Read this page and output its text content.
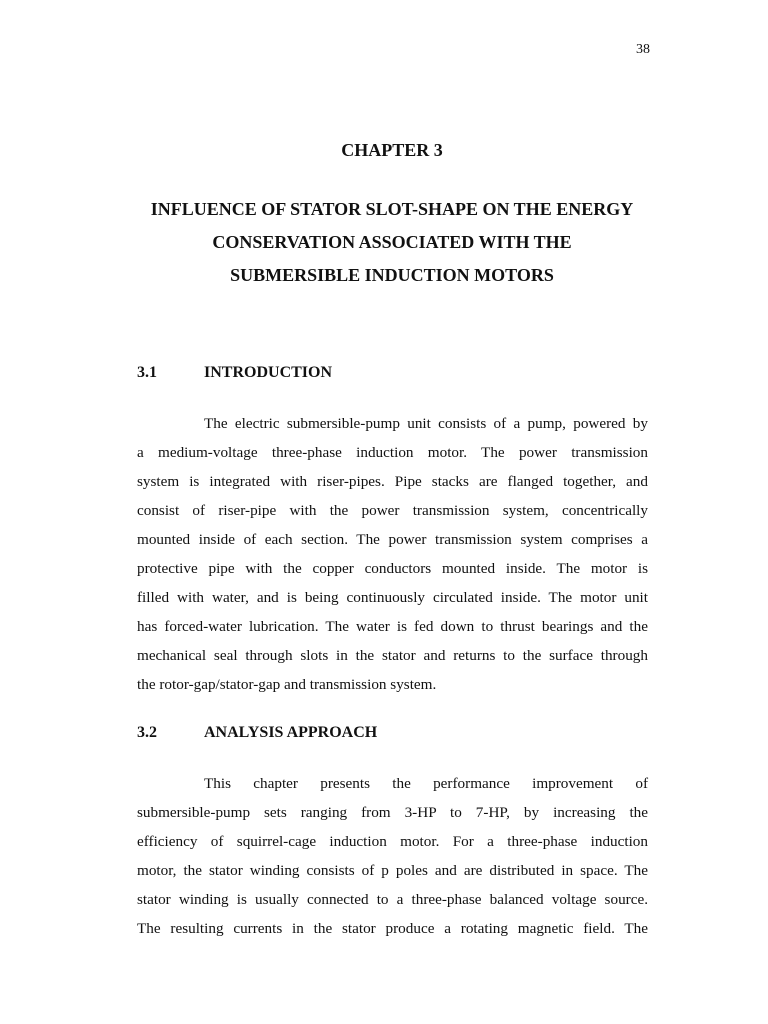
38
CHAPTER 3
INFLUENCE OF STATOR SLOT-SHAPE ON THE ENERGY
CONSERVATION ASSOCIATED WITH THE
SUBMERSIBLE INDUCTION MOTORS
3.1	INTRODUCTION
The electric submersible-pump unit consists of a pump, powered by
a medium-voltage three-phase induction motor. The power transmission
system is integrated with riser-pipes. Pipe stacks are flanged together, and
consist of riser-pipe with the power transmission system, concentrically
mounted inside of each section. The power transmission system comprises a
protective pipe with the copper conductors mounted inside. The motor is
filled with water, and is being continuously circulated inside. The motor unit
has forced-water lubrication. The water is fed down to thrust bearings and the
mechanical seal through slots in the stator and returns to the surface through
the rotor-gap/stator-gap and transmission system.
3.2	ANALYSIS APPROACH
This chapter presents the performance improvement of
submersible-pump sets ranging from 3-HP to 7-HP, by increasing the
efficiency of squirrel-cage induction motor. For a three-phase induction
motor, the stator winding consists of p poles and are distributed in space. The
stator winding is usually connected to a three-phase balanced voltage source.
The resulting currents in the stator produce a rotating magnetic field. The
